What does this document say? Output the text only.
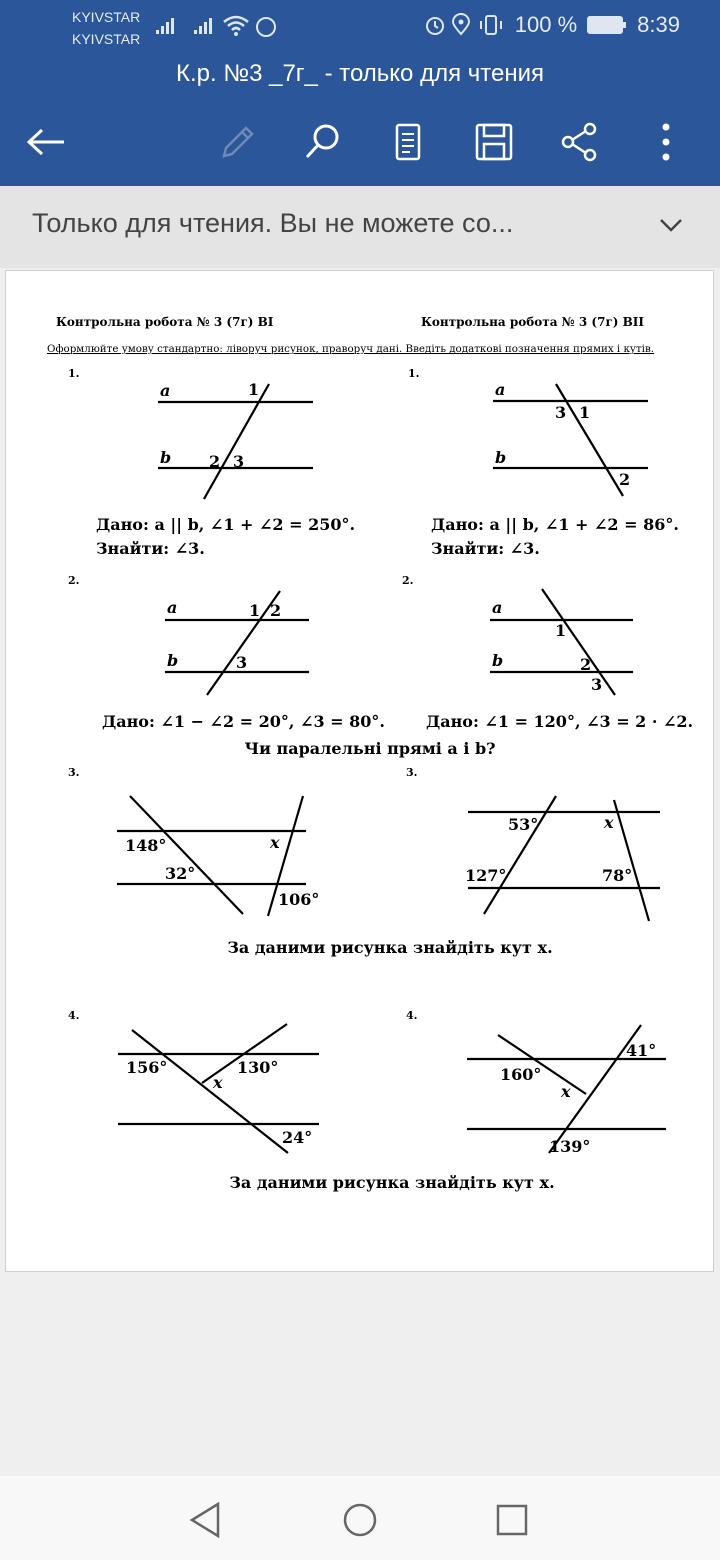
KYIVSTAR
KYIVSTAR
100 %	8:39
К.р. №3 _7г_ - только для чтения
Только для чтения. Вы не можете со...
Контрольна робота № 3 (7г) ВІ	Контрольна робота № 3 (7г) ВІІ
Оформлюйте умову стандартно: ліворуч рисунок, праворуч дані. Введіть додаткові позначення прямих і кутів.
1.	1.
2.	2.
3.	3.
4.	4.
a
b
1
2 3
a
b
3 1
2
a
b
1 2
3
a
b
1
2
3
148°
32°
x
106°
53°	x
127°	78°
156°	130°
x
24°
41°
160°
x
139°
Дано: a || b, ∠1 + ∠2 = 250°.
Знайти: ∠3.
Дано: a || b, ∠1 + ∠2 = 86°.
Знайти: ∠3.
Дано: ∠1 − ∠2 = 20°, ∠3 = 80°.	Дано: ∠1 = 120°, ∠3 = 2 · ∠2.
Чи паралельні прямі a і b?
За даними рисунка знайдіть кут x.
За даними рисунка знайдіть кут x.
